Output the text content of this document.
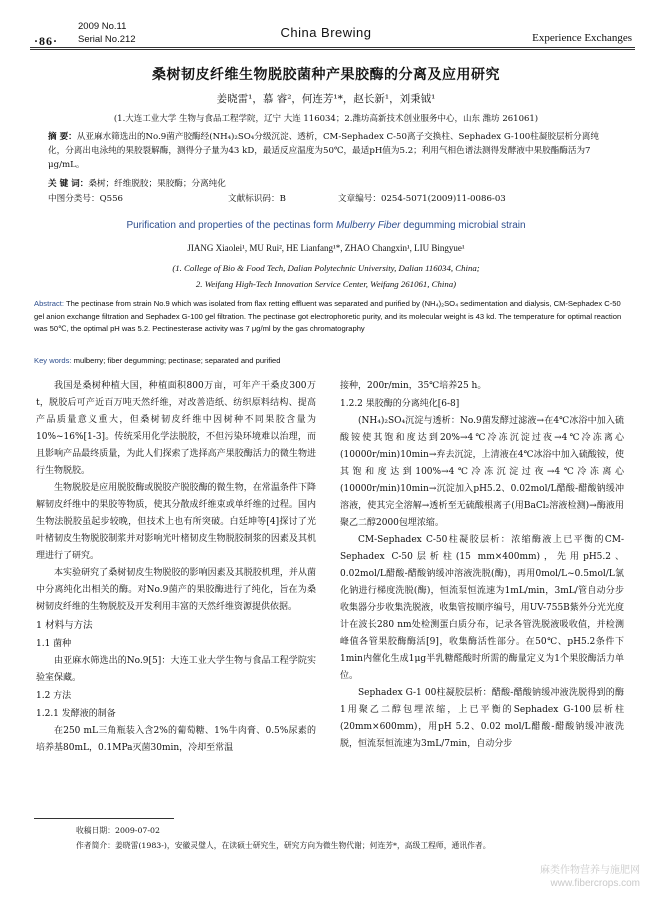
·86·
2009 No.11
Serial No.212	China Brewing	Experience Exchanges
桑树韧皮纤维生物脱胶菌种产果胶酶的分离及应用研究
姜晓雷¹，慕 睿²，何连芳¹*，赵长新¹，刘秉钺¹
(1.大连工业大学 生物与食品工程学院，辽宁 大连 116034；2.潍坊高新技术创业服务中心，山东 潍坊 261061)
摘 要：从亚麻水筛选出的No.9菌产胶酶经(NH₄)₂SO₄分级沉淀、透析，CM-Sephadex C-50离子交换柱、Sephadex G-100柱凝胶层析分离纯化，分离出电泳纯的果胶裂解酶，测得分子量为43 kD，最适反应温度为50℃，最适pH值为5.2；利用气相色谱法测得发酵液中果胶酯酶活为7 μg/mL。
关 键 词：桑树；纤维脱胶；果胶酶；分离纯化
中图分类号：Q556	文献标识码：B	文章编号：0254-5071(2009)11-0086-03
Purification and properties of the pectinas form Mulberry Fiber degumming microbial strain
JIANG Xiaolei¹, MU Rui², HE Lianfang¹*, ZHAO Changxin¹, LIU Bingyue¹
(1. College of Bio & Food Tech, Dalian Polytechnic University, Dalian 116034, China;
2. Weifang High-Tech Innovation Service Center, Weifang 261061, China)
Abstract: The pectinase from strain No.9 which was isolated from flax retting effluent was separated and purified by (NH₄)₂SO₄ sedimentation and dialysis, CM-Sephadex C-50 gel anion exchange filtration and Sephadex G-100 gel filtration. The pectinase got electrophoretic purity, and its molecular weight is 43 kd. The temperature for optimal reaction was 50℃, the optimal pH was 5.2. Pectinesterase activity was 7 μg/ml by the gas chromatography
Key words: mulberry; fiber degumming; pectinase; separated and purified

我国是桑树种植大国，种植面积800万亩，可年产干桑皮300万t，脱胶后可产近百万吨天然纤维，对改善造纸、纺织原料结构、提高产品质量意义重大，但桑树韧皮纤维中因树种不同果胶含量为10%~16%[1-3]。传统采用化学法脱胶，不但污染环境难以治理，而且影响产品最终质量，为此人们探索了选择高产果胶酶活力的微生物进行生物脱胶。

生物脱胶是应用脱胶酶或脱胶产脱胶酶的微生物，在常温条件下降解韧皮纤维中的果胶等物质，使其分散成纤维束或单纤维的过程。国内生物法脱胶虽起步较晚，但技术上也有所突破。白廷坤等[4]探讨了光叶楮韧皮生物脱胶制浆并对影响光叶楮韧皮生物脱胶制浆的因素及其机理进行了研究。

本实验研究了桑树韧皮生物脱胶的影响因素及其脱胶机理，并从菌中分离纯化出相关的酶。对No.9菌产的果胶酶进行了纯化，旨在为桑树韧皮纤维的生物脱胶及开发利用丰富的天然纤维资源提供依据。

1 材料与方法
1.1 菌种

由亚麻水筛选出的No.9[5]：大连工业大学生物与食品工程学院实验室保藏。

1.2 方法
1.2.1 发酵液的制备

在250 mL三角瓶装入含2%的葡萄糖、1%牛肉膏、0.5%尿素的培养基80mL，0.1MPa灭菌30min，冷却至常温

接种，200r/min，35℃培养25 h。

1.2.2 果胶酶的分离纯化[6-8]

(NH₄)₂SO₄沉淀与透析：No.9菌发酵过滤液→在4℃冰浴中加入硫酸铵使其饱和度达到20%→4℃冷冻沉淀过夜→4℃冷冻离心(10000r/min)10min→弃去沉淀，上清液在4℃冰浴中加入硫酸铵，使其饱和度达到100%→4℃冷冻沉淀过夜→4℃冷冻离心(10000r/min)10min→沉淀加入pH5.2、0.02mol/L醋酸-醋酸钠缓冲溶液，使其完全溶解→透析至无硫酸根离子(用BaCl₂溶液检测)→酶液用聚乙二醇2000包埋浓缩。

CM-Sephadex C-50柱凝胶层析：浓缩酶液上已平衡的CM-Sephadex C-50层析柱(15 mm×400mm)，先用pH5.2、0.02mol/L醋酸-醋酸钠缓冲溶液洗脱(酶)，再用0mol/L~0.5mol/L氯化钠进行梯度洗脱(酶)，恒流泵恒流速为1mL/min，3mL/管自动分步收集器分步收集洗脱液，收集管按顺序编号，用UV-755B紫外分光光度计在波长280 nm处检测蛋白质分布，记录各管洗脱液吸收值，并检测峰值各管果胶酶酶活[9]，收集酶活性部分。在50℃、pH5.2条件下1min内催化生成1μg半乳糖醛酸时所需的酶量定义为1个果胶酶活力单位。

Sephadex G-1 00柱凝胶层析：醋酸-醋酸钠缓冲液洗脱得到的酶1用聚乙二醇包埋浓缩，上已平衡的Sephadex G-100层析柱(20mm×600mm)，用pH 5.2、0.02 mol/L醋酸-醋酸钠缓冲液洗脱，恒流泵恒流速为3mL/7min，自动分步

收稿日期：2009-07-02
作者简介：姜晓雷(1983-)，安徽灵璧人，在读硕士研究生，研究方向为微生物代谢；何连芳*，高级工程师，通讯作者。
麻类作物营养与施肥网
www.fibercrops.com
